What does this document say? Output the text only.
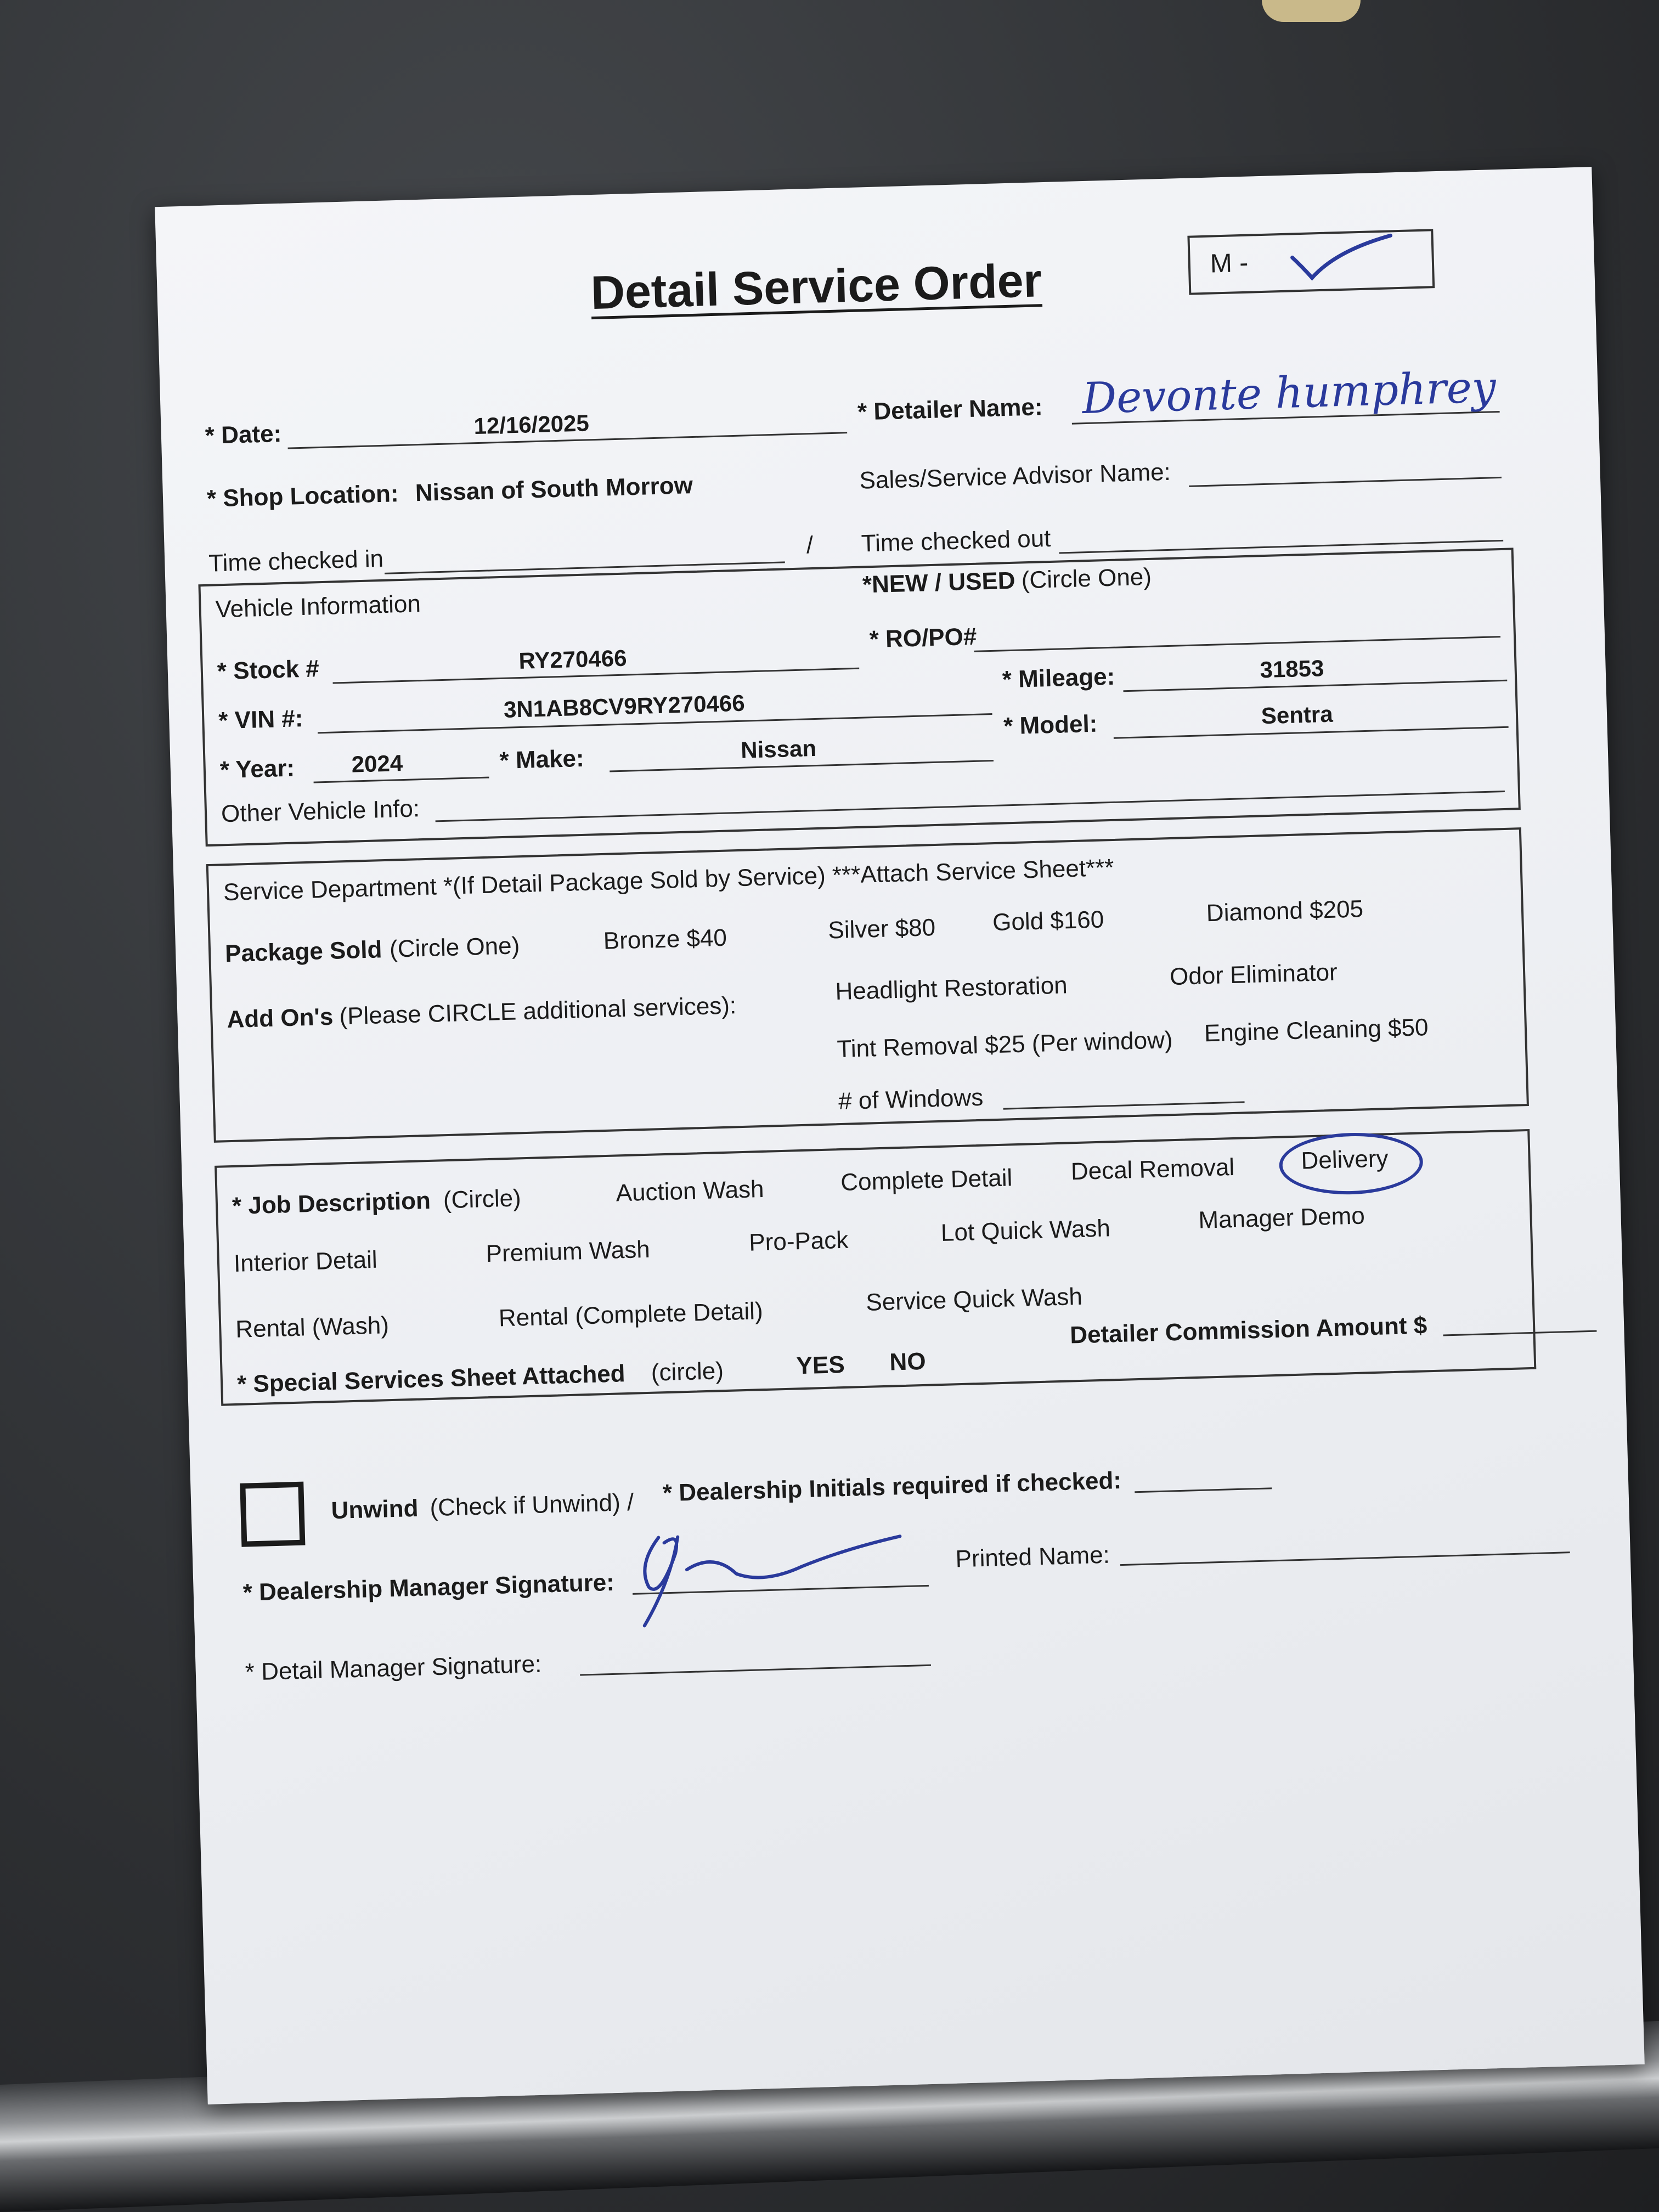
Detail Service Order	M -
* Date:	12/16/2025	* Detailer Name: Devonte humphrey
* Shop Location: Nissan of South Morrow	Sales/Service Advisor Name:
Time checked in
/ Time checked out
Vehicle Information
*NEW / USED (Circle One)
* RO/PO#
* Stock #	RY270466
* Mileage:	31853
* VIN #:	3N1AB8CV9RY270466
* Model:	Sentra
* Year: 2024	* Make:	Nissan
Other Vehicle Info:
Service Department *(If Detail Package Sold by Service) ***Attach Service Sheet***
Package Sold (Circle One)	Bronze $40	Silver $80 Gold $160	Diamond $205
Add On's (Please CIRCLE additional services):
Headlight Restoration	Odor Eliminator
Tint Removal $25 (Per window) Engine Cleaning $50
# of Windows
* Job Description (Circle)	Auction Wash	Complete Detail Decal Removal	Delivery
Interior Detail	Premium Wash	Pro-Pack	Lot Quick Wash	Manager Demo
Rental (Wash)	Rental (Complete Detail)	Service Quick Wash
Detailer Commission Amount $
* Special Services Sheet Attached (circle)	YES NO
Unwind (Check if Unwind) / * Dealership Initials required if checked:
* Dealership Manager Signature:
Printed Name:
* Detail Manager Signature:
